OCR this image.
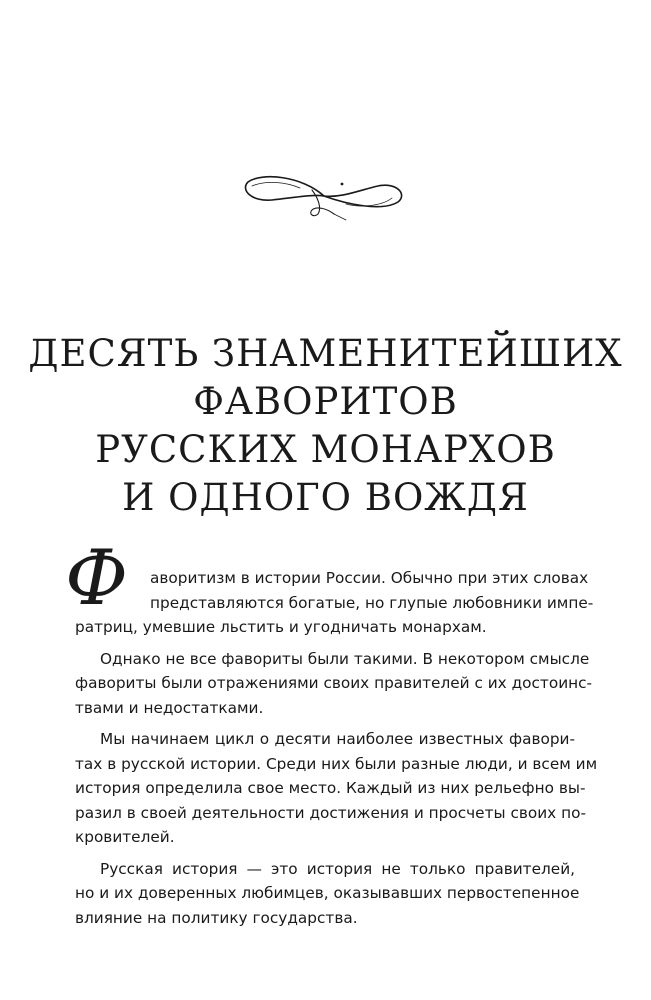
ДЕСЯТЬ ЗНАМЕНИТЕЙШИХ
ФАВОРИТОВ
РУССКИХ МОНАРХОВ
И ОДНОГО ВОЖДЯ
Ф	аворитизм в истории России. Обычно при этих словах
представляются богатые, но глупые любовники импе-
ратриц, умевшие льстить и угодничать монархам.
Однако не все фавориты были такими. В некотором смысле
фавориты были отражениями своих правителей с их достоинс-
твами и недостатками.
Мы начинаем цикл о десяти наиболее известных фавори-
тах в русской истории. Среди них были разные люди, и всем им
история определила свое место. Каждый из них рельефно вы-
разил в своей деятельности достижения и просчеты своих по-
кровителей.
Русская история — это история не только правителей,
но и их доверенных любимцев, оказывавших первостепенное
влияние на политику государства.
